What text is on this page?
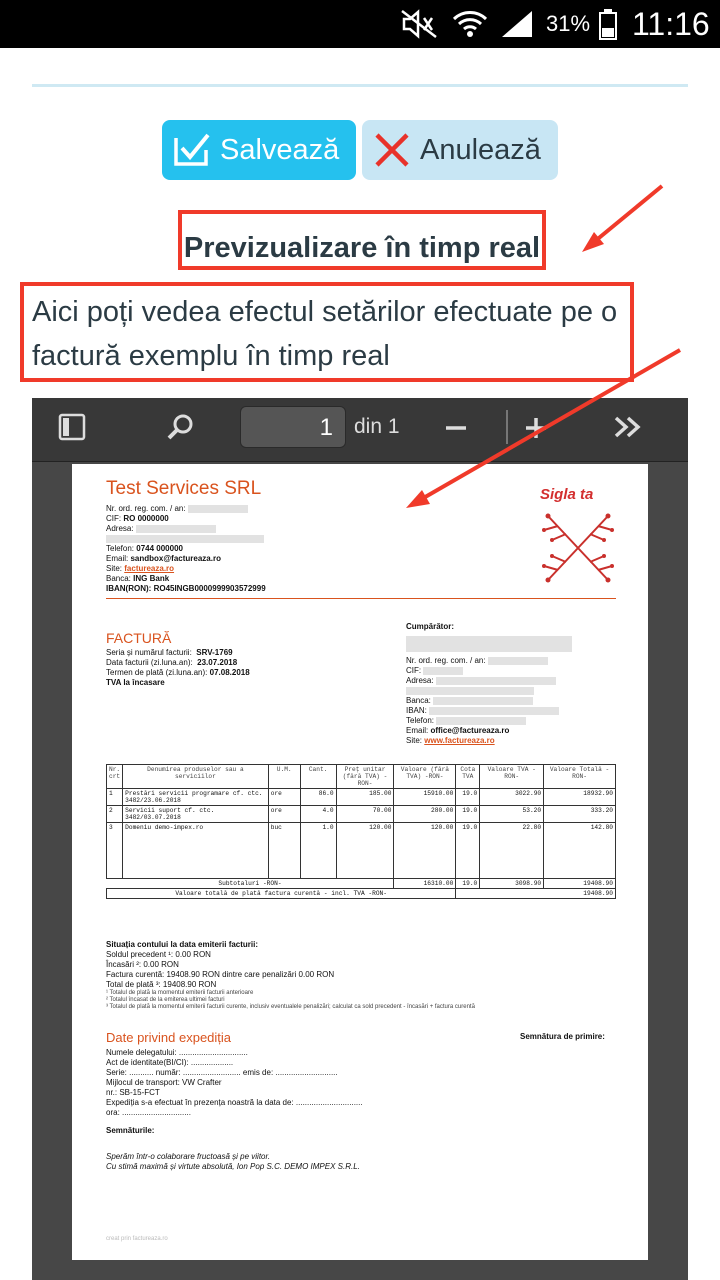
31% 11:16
Salvează	Anulează
Previzualizare în timp real
Aici poți vedea efectul setărilor efectuate pe o factură exemplu în timp real
1	din 1
Test Services SRL
Nr. ord. reg. com. / an:
CIF: RO 0000000
Adresa:
Telefon: 0744 000000
Email: sandbox@factureaza.ro
Site: factureaza.ro
Banca: ING Bank
IBAN(RON): RO45INGB0000999903572999
Sigla ta
FACTURĂ
Seria și numărul facturii: SRV-1769
Data facturii (zi.luna.an): 23.07.2018
Termen de plată (zi.luna.an): 07.08.2018
TVA la încasare
Cumpărător:
Nr. ord. reg. com. / an:
CIF:
Adresa:
Banca:
IBAN:
Telefon:
Email: office@factureaza.ro
Site: www.factureaza.ro
Nr. crt	Denumirea produselor sau a serviciilor	U.M.	Cant.	Preț unitar (fără TVA) -RON-	Valoare (fără TVA) -RON-	Cota TVA	Valoare TVA -RON-	Valoare Totală -RON-
1	Prestări servicii programare cf. ctc. 3482/23.06.2018	ore	86.0	185.00	15910.00	19.0	3022.90	18932.90
2	Servicii suport cf. ctc. 3482/03.07.2018	ore	4.0	70.00	280.00	19.0	53.20	333.20
3	Domeniu demo-impex.ro	buc	1.0	120.00	120.00	19.0	22.80	142.80
Subtotaluri -RON-					16310.00	19.0	3098.90	19408.90
Valoare totală de plată factura curentă - incl. TVA -RON-						19408.90		
Situația contului la data emiterii facturii:
Soldul precedent ¹: 0.00 RON
Încasări ²: 0.00 RON
Factura curentă: 19408.90 RON dintre care penalizări 0.00 RON
Total de plată ³: 19408.90 RON
¹ Totalul de plată la momentul emiterii facturii anterioare
² Totalul încasat de la emiterea ultimei facturi
³ Totalul de plată la momentul emiterii facturii curente, inclusiv eventualele penalizări; calculat ca sold precedent - încasări + factura curentă
Date privind expediția	Semnătura de primire:
Numele delegatului: ...............................
Act de identitate(BI/CI): ...................
Serie: ........... număr: .......................... emis de: ............................
Mijlocul de transport: VW Crafter
nr.: SB-15-FCT
Expediția s-a efectuat în prezența noastră la data de: ..............................
ora: ...............................
Semnăturile:
Sperăm într-o colaborare fructoasă și pe viitor.
Cu stimă maximă și virtute absolută, Ion Pop S.C. DEMO IMPEX S.R.L.
creat prin factureaza.ro
